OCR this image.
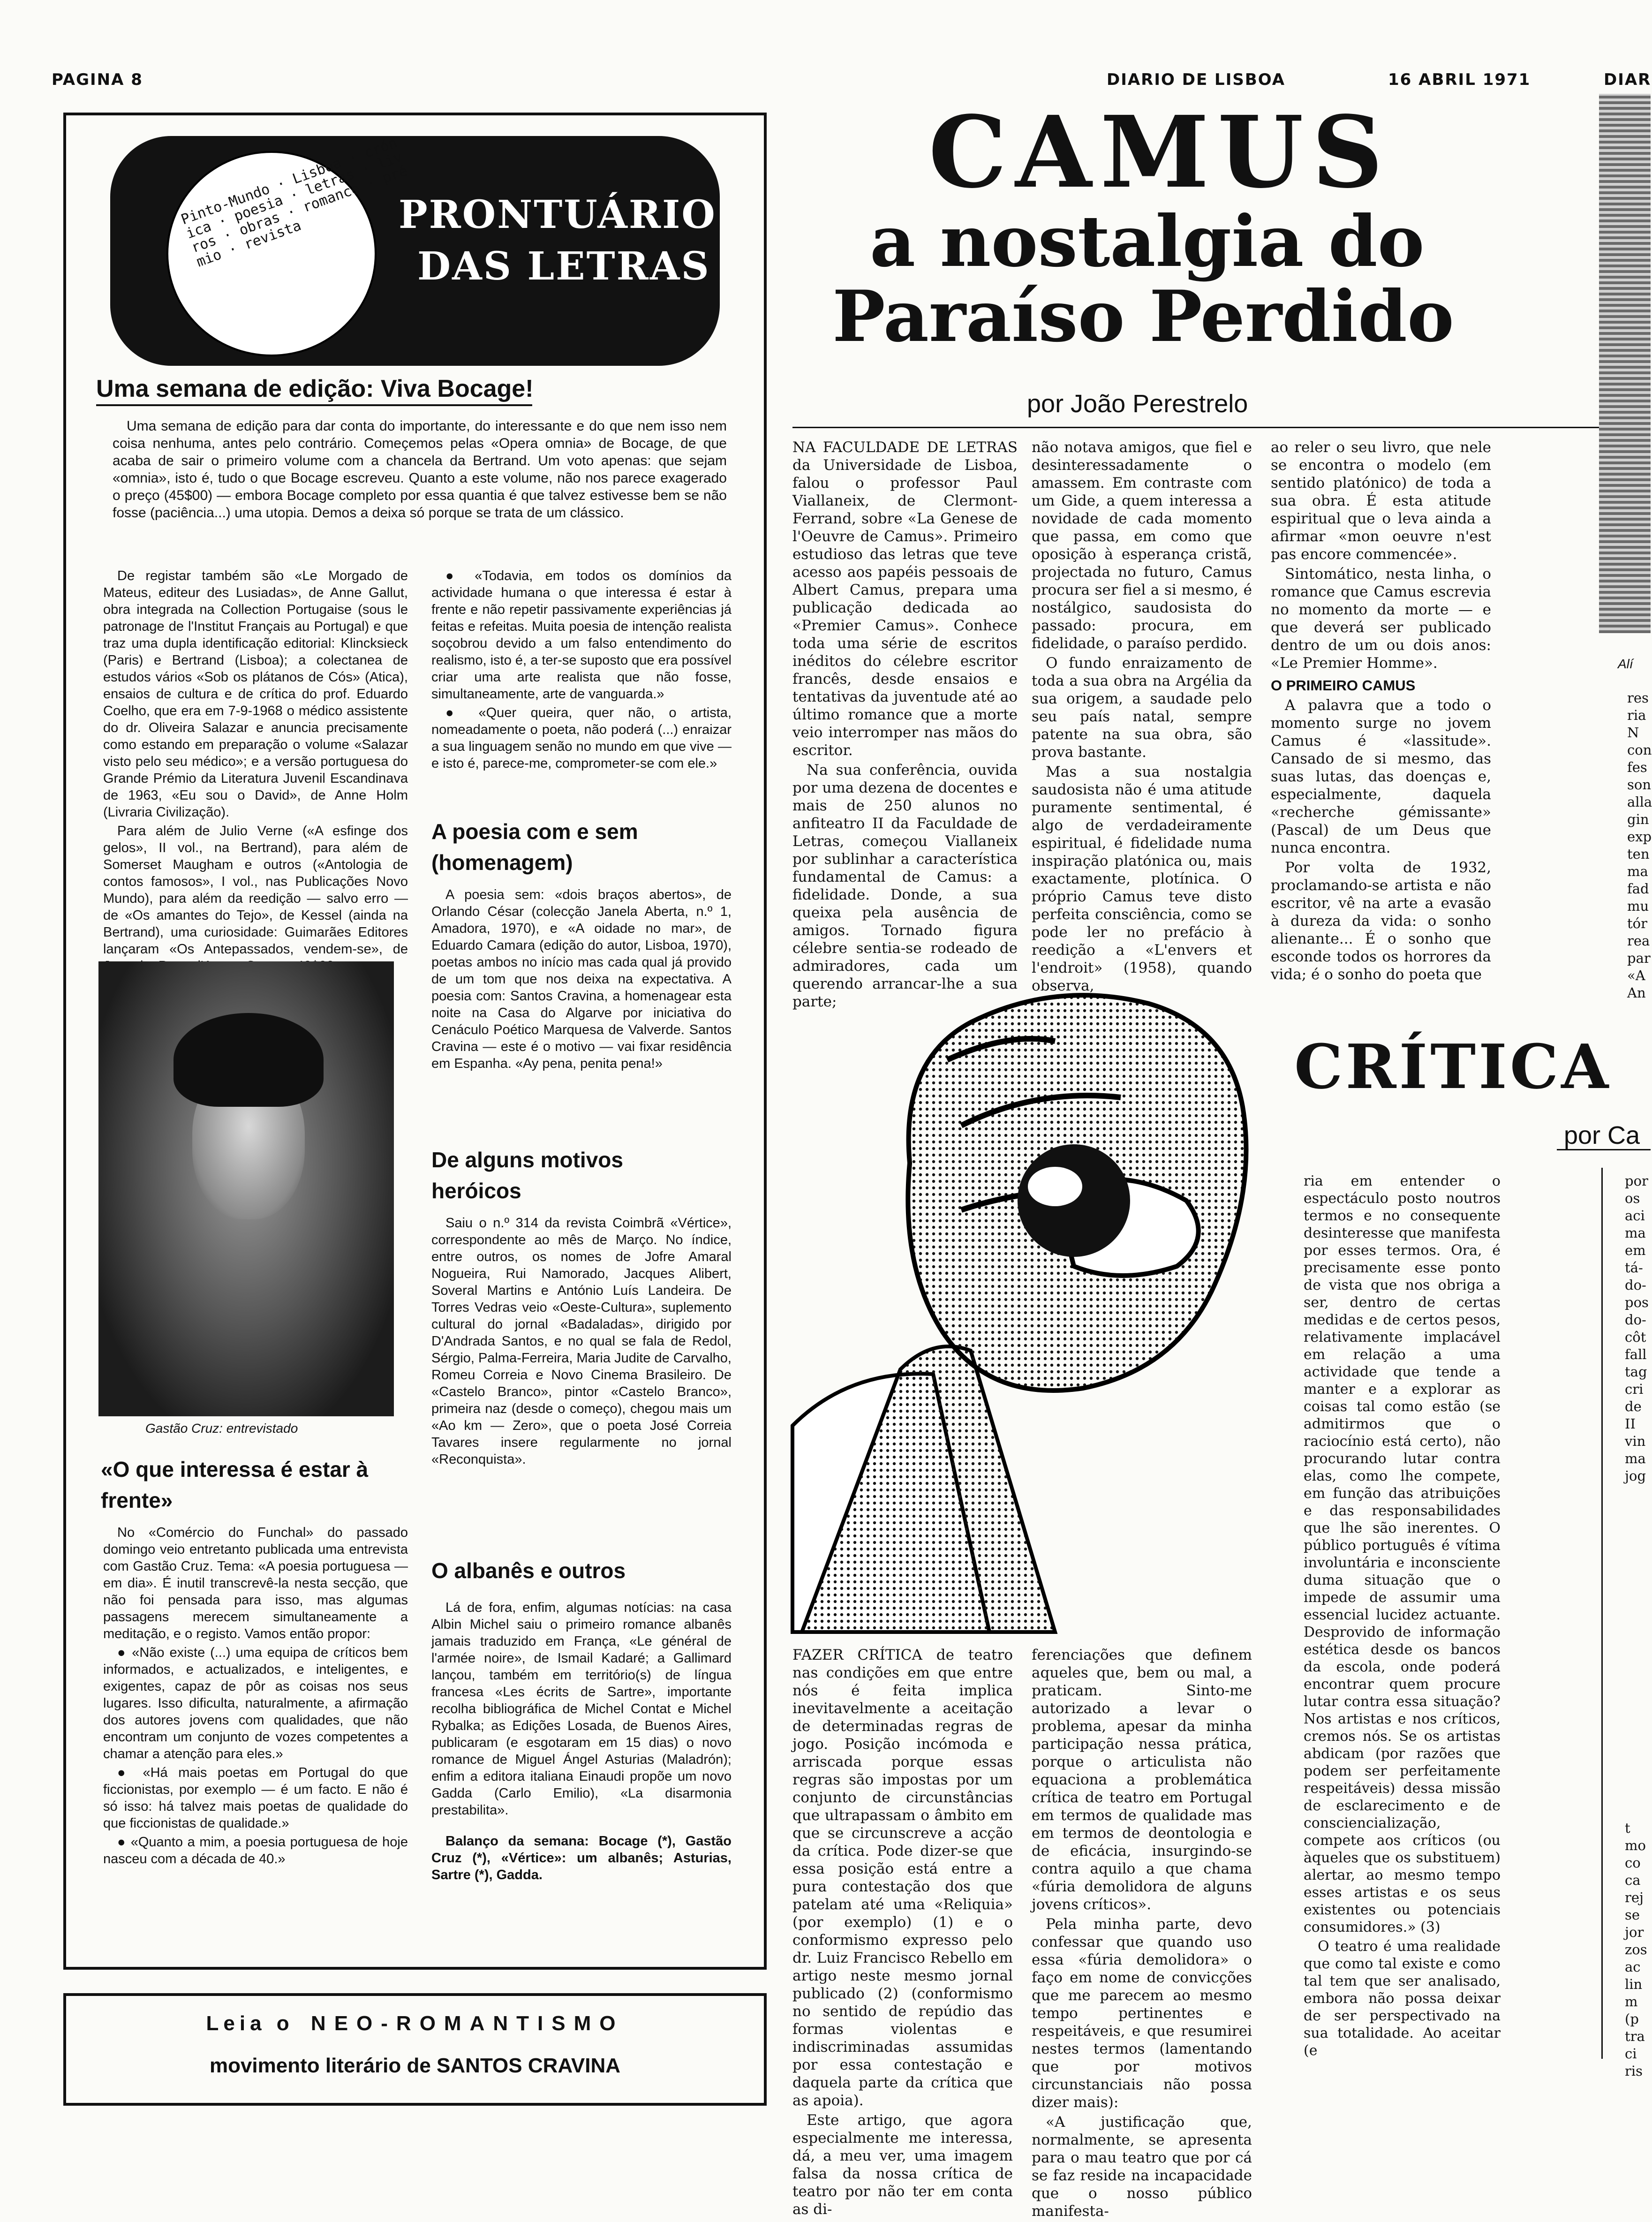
PAGINA 8	DIARIO DE LISBOA	16 ABRIL 1971	DIAR
Pinto-Mundo · Lisboa · crónica · poesia · letras · livros · obras · romance · prémio · revista
PRONTUÁRIO
DAS LETRAS
Uma semana de edição: Viva Bocage!

Uma semana de edição para dar conta do importante, do interessante e do que nem isso nem coisa nenhuma, antes pelo contrário. Começemos pelas «Opera omnia» de Bocage, de que acaba de sair o primeiro volume com a chancela da Bertrand. Um voto apenas: que sejam «omnia», isto é, tudo o que Bocage escreveu. Quanto a este volume, não nos parece exagerado o preço (45$00) — embora Bocage completo por essa quantia é que talvez estivesse bem se não fosse (paciência...) uma utopia. Demos a deixa só porque se trata de um clássico.

De registar também são «Le Morgado de Mateus, editeur des Lusiadas», de Anne Gallut, obra integrada na Collection Portugaise (sous le patronage de l'Institut Français au Portugal) e que traz uma dupla identificação editorial: Klincksieck (Paris) e Bertrand (Lisboa); a colectanea de estudos vários «Sob os plátanos de Cós» (Atica), ensaios de cultura e de crítica do prof. Eduardo Coelho, que era em 7-9-1968 o médico assistente do dr. Oliveira Salazar e anuncia precisamente como estando em preparação o volume «Salazar visto pelo seu médico»; e a versão portuguesa do Grande Prémio da Literatura Juvenil Escandinava de 1963, «Eu sou o David», de Anne Holm (Livraria Civilização).

Para além de Julio Verne («A esfinge dos gelos», II vol., na Bertrand), para além de Somerset Maugham e outros («Antologia de contos famosos», I vol., nas Publicações Novo Mundo), para além da reedição — salvo erro — de «Os amantes do Tejo», de Kessel (ainda na Bertrand), uma curiosidade: Guimarães Editores lançaram «Os Antepassados, vendem-se», de

Gastão Cruz: entrevistado
«O que interessa é estar à frente»

No «Comércio do Funchal» do passado domingo veio entretanto publicada uma entrevista com Gastão Cruz. Tema: «A poesia portuguesa — em dia». É inutil transcrevê-la nesta secção, que não foi pensada para isso, mas algumas passagens merecem simultaneamente a meditação, e o registo. Vamos então propor:

● «Não existe (...) uma equipa de críticos bem informados, e actualizados, e inteligentes, e exigentes, capaz de pôr as coisas nos seus lugares. Isso dificulta, naturalmente, a afirmação dos autores jovens com qualidades, que não encontram um conjunto de vozes competentes a chamar a atenção para eles.»

● «Há mais poetas em Portugal do que ficcionistas, por exemplo — é um facto. E não é só isso: há talvez mais poetas de qualidade do que ficcionistas de qualidade.»

● «Quanto a mim, a poesia portuguesa de hoje nasceu com a década de 40.»

● «Todavia, em todos os domínios da actividade humana o que interessa é estar à frente e não repetir passivamente experiências já feitas e refeitas. Muita poesia de intenção realista soçobrou devido a um falso entendimento do realismo, isto é, a ter-se suposto que era possível criar uma arte realista que não fosse, simultaneamente, arte de vanguarda.»

● «Quer queira, quer não, o artista, nomeadamente o poeta, não poderá (...) enraizar a sua linguagem senão no mundo em que vive — e isto é, parece-me, comprometer-se com ele.»

A poesia com e sem (homenagem)

A poesia sem: «dois braços abertos», de Orlando César (colecção Janela Aberta, n.º 1, Amadora, 1970), e «A oidade no mar», de Eduardo Camara (edição do autor, Lisboa, 1970), poetas ambos no início mas cada qual já provido de um tom que nos deixa na expectativa. A poesia com: Santos Cravina, a homenagear esta noite na Casa do Algarve por iniciativa do Cenáculo Poético Marquesa de Valverde. Santos Cravina — este é o motivo — vai fixar residência em Espanha. «Ay pena, penita pena!»

De alguns motivos heróicos

Saiu o n.º 314 da revista Coimbrã «Vértice», correspondente ao mês de Março. No índice, entre outros, os nomes de Jofre Amaral Nogueira, Rui Namorado, Jacques Alibert, Soveral Martins e António Luís Landeira. De Torres Vedras veio «Oeste-Cultura», suplemento cultural do jornal «Badaladas», dirigido por D'Andrada Santos, e no qual se fala de Redol, Sérgio, Palma-Ferreira, Maria Judite de Carvalho, Romeu Correia e Novo Cinema Brasileiro. De «Castelo Branco», pintor «Castelo Branco», primeira naz (desde o começo), chegou mais um «Ao km — Zero», que o poeta José Correia Tavares insere regularmente no jornal «Reconquista».

O albanês e outros

Lá de fora, enfim, algumas notícias: na casa Albin Michel saiu o primeiro romance albanês jamais traduzido em França, «Le général de l'armée noire», de Ismail Kadaré; a Gallimard lançou, também em território(s) de língua francesa «Les écrits de Sartre», importante recolha bibliográfica de Michel Contat e Michel Rybalka; as Edições Losada, de Buenos Aires, publicaram (e esgotaram em 15 dias) o novo romance de Miguel Ángel Asturias (Maladrón); enfim a editora italiana Einaudi propõe um novo Gadda (Carlo Emilio), «La disarmonia prestabilita».

Balanço da semana: Bocage (*), Gastão Cruz (*), «Vértice»: um albanês; Asturias, Sartre (*), Gadda.

Leia o NEO-ROMANTISMO
movimento literário de SANTOS CRAVINA
CAMUS
a nostalgia do
Paraíso Perdido
por João Perestrelo

NA FACULDADE DE LETRAS da Universidade de Lisboa, falou o professor Paul Viallaneix, de Clermont-Ferrand, sobre «La Genese de l'Oeuvre de Camus». Primeiro estudioso das letras que teve acesso aos papéis pessoais de Albert Camus, prepara uma publicação dedicada ao «Premier Camus». Conhece toda uma série de escritos inéditos do célebre escritor francês, desde ensaios e tentativas da juventude até ao último romance que a morte veio interromper nas mãos do escritor.

Na sua conferência, ouvida por uma dezena de docentes e mais de 250 alunos no anfiteatro II da Faculdade de Letras, começou Viallaneix por sublinhar a característica fundamental de Camus: a fidelidade. Donde, a sua queixa pela ausência de amigos. Tornado figura célebre sentia-se rodeado de admiradores, cada um querendo arrancar-lhe a sua parte;

não notava amigos, que fiel e desinteressadamente o amassem. Em contraste com um Gide, a quem interessa a novidade de cada momento que passa, em como que oposição à esperança cristã, projectada no futuro, Camus procura ser fiel a si mesmo, é nostálgico, saudosista do passado: procura, em fidelidade, o paraíso perdido.

O fundo enraizamento de toda a sua obra na Argélia da sua origem, a saudade pelo seu país natal, sempre patente na sua obra, são prova bastante.

Mas a sua nostalgia saudosista não é uma atitude puramente sentimental, é algo de verdadeiramente espiritual, é fidelidade numa inspiração platónica ou, mais exactamente, plotínica. O próprio Camus teve disto perfeita consciência, como se pode ler no prefácio à reedição a «L'envers et l'endroit» (1958), quando observa,

ao reler o seu livro, que nele se encontra o modelo (em sentido platónico) de toda a sua obra. É esta atitude espiritual que o leva ainda a afirmar «mon oeuvre n'est pas encore commencée».

Sintomático, nesta linha, o romance que Camus escrevia no momento da morte — e que deverá ser publicado dentro de um ou dois anos: «Le Premier Homme».

O PRIMEIRO CAMUS

A palavra que a todo o momento surge no jovem Camus é «lassitude». Cansado de si mesmo, das suas lutas, das doenças e, especialmente, daquela «recherche gémissante» (Pascal) de um Deus que nunca encontra.

Por volta de 1932, proclamando-se artista e não escritor, vê na arte a evasão à dureza da vida: o sonho alienante... É o sonho que esconde todos os horrores da vida; é o sonho do poeta que

CRÍTICA
por Ca

FAZER CRÍTICA de teatro nas condições em que entre nós é feita implica inevitavelmente a aceitação de determinadas regras de jogo. Posição incómoda e arriscada porque essas regras são impostas por um conjunto de circunstâncias que ultrapassam o âmbito em que se circunscreve a acção da crítica. Pode dizer-se que essa posição está entre a pura contestação dos que patelam até uma «Reliquia» (por exemplo) (1) e o conformismo expresso pelo dr. Luiz Francisco Rebello em artigo neste mesmo jornal publicado (2) (conformismo no sentido de repúdio das formas violentas e indiscriminadas assumidas por essa contestação e daquela parte da crítica que as apoia).

Este artigo, que agora especialmente me interessa, dá, a meu ver, uma imagem falsa da nossa crítica de teatro por não ter em conta as di-

ferenciações que definem aqueles que, bem ou mal, a praticam. Sinto-me autorizado a levar o problema, apesar da minha participação nessa prática, porque o articulista não equaciona a problemática crítica de teatro em Portugal em termos de qualidade mas em termos de deontologia e de eficácia, insurgindo-se contra aquilo a que chama «fúria demolidora de alguns jovens críticos».

Pela minha parte, devo confessar que quando uso essa «fúria demolidora» o faço em nome de convicções que me parecem ao mesmo tempo pertinentes e respeitáveis, e que resumirei nestes termos (lamentando que por motivos circunstanciais não possa dizer mais):

«A justificação que, normalmente, se apresenta para o mau teatro que por cá se faz reside na incapacidade que o nosso público manifesta-

ria em entender o espectáculo posto noutros termos e no consequente desinteresse que manifesta por esses termos. Ora, é precisamente esse ponto de vista que nos obriga a ser, dentro de certas medidas e de certos pesos, relativamente implacável em relação a uma actividade que tende a manter e a explorar as coisas tal como estão (se admitirmos que o raciocínio está certo), não procurando lutar contra elas, como lhe compete, em função das atribuições e das responsabilidades que lhe são inerentes. O público português é vítima involuntária e inconsciente duma situação que o impede de assumir uma essencial lucidez actuante. Desprovido de informação estética desde os bancos da escola, onde poderá encontrar quem procure lutar contra essa situação? Nos artistas e nos críticos, cremos nós. Se os artistas abdicam (por razões que podem ser perfeitamente respeitáveis) dessa missão de esclarecimento e de consciencialização, compete aos críticos (ou àqueles que os substituem) alertar, ao mesmo tempo esses artistas e os seus existentes ou potenciais consumidores.» (3)

O teatro é uma realidade que como tal existe e como tal tem que ser analisado, embora não possa deixar de ser perspectivado na sua totalidade. Ao aceitar (e

Alí
res
ria
N
con
fes
son
alla
gin
exp
ten
ma
fad
mu
tór
rea
par
«A
An
por
os
aci
ma
em
tá-
do-
pos
do-
côt
fall
tag
cri
de
II
vin
ma
jog
t
mo
co
ca
rej
se
jor
zos
ac
lin
m
(p
tra
ci
ris
